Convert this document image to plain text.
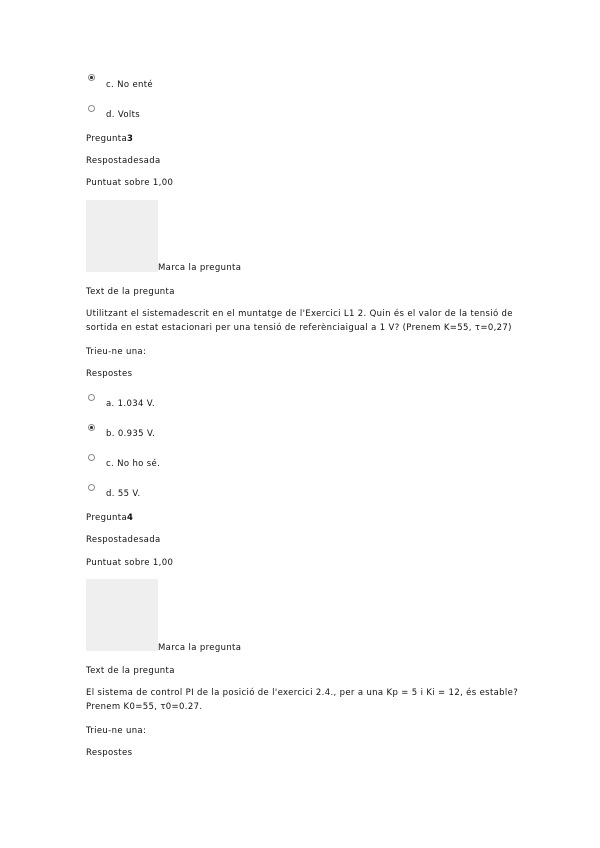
c. No enté
d. Volts
Pregunta3
Respostadesada
Puntuat sobre 1,00
Marca la pregunta
Text de la pregunta
Utilitzant el sistemadescrit en el muntatge de l'Exercici L1 2. Quin és el valor de la tensió de
sortida en estat estacionari per una tensió de referènciaigual a 1 V? (Prenem K=55, τ=0,27)
Trieu-ne una:
Respostes
a. 1.034 V.
b. 0.935 V.
c. No ho sé.
d. 55 V.
Pregunta4
Respostadesada
Puntuat sobre 1,00
Marca la pregunta
Text de la pregunta
El sistema de control PI de la posició de l'exercici 2.4., per a una Kp = 5 i Ki = 12, és estable?
Prenem K0=55, τ0=0.27.
Trieu-ne una:
Respostes
